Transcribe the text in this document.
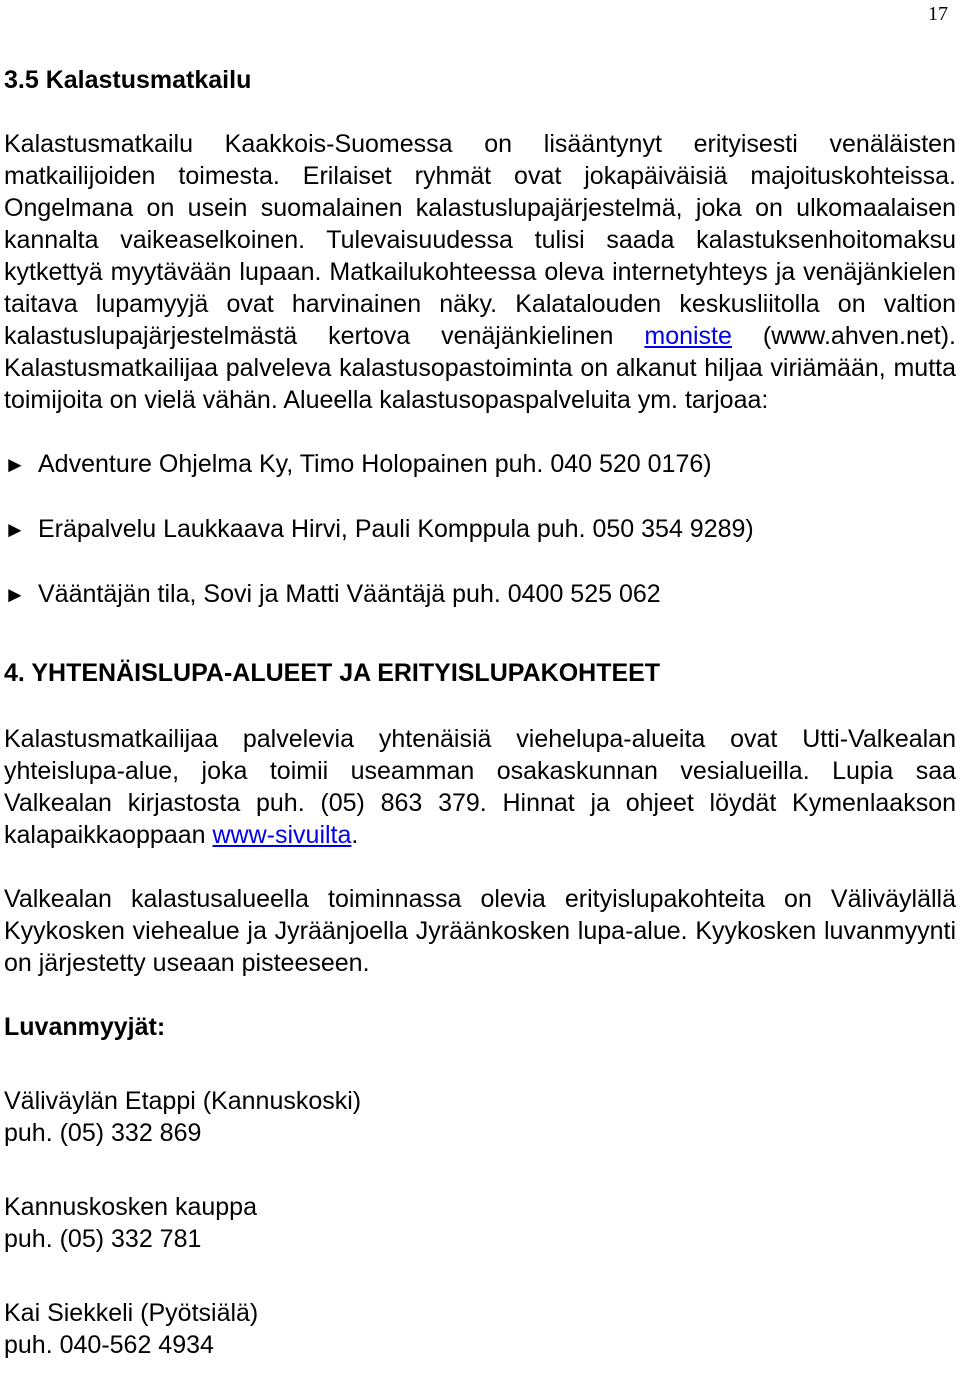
17
3.5 Kalastusmatkailu

Kalastusmatkailu Kaakkois-Suomessa on lisääntynyt erityisesti venäläisten matkailijoiden toimesta. Erilaiset ryhmät ovat jokapäiväisiä majoituskohteissa. Ongelmana on usein suomalainen kalastuslupajärjestelmä, joka on ulkomaalaisen kannalta vaikeaselkoinen. Tulevaisuudessa tulisi saada kalastuksenhoitomaksu kytkettyä myytävään lupaan. Matkailukohteessa oleva internetyhteys ja venäjänkielen taitava lupamyyjä ovat harvinainen näky. Kalatalouden keskusliitolla on valtion kalastuslupajärjestelmästä kertova venäjänkielinen moniste (www.ahven.net). Kalastusmatkailijaa palveleva kalastusopastoiminta on alkanut hiljaa viriämään, mutta toimijoita on vielä vähän. Alueella kalastusopaspalveluita ym. tarjoaa:

► Adventure Ohjelma Ky, Timo Holopainen puh. 040 520 0176)
► Eräpalvelu Laukkaava Hirvi, Pauli Komppula puh. 050 354 9289)
► Vääntäjän tila, Sovi ja Matti Vääntäjä puh. 0400 525 062
4. YHTENÄISLUPA-ALUEET JA ERITYISLUPAKOHTEET

Kalastusmatkailijaa palvelevia yhtenäisiä viehelupa-alueita ovat Utti-Valkealan yhteislupa-alue, joka toimii useamman osakaskunnan vesialueilla. Lupia saa Valkealan kirjastosta puh. (05) 863 379. Hinnat ja ohjeet löydät Kymenlaakson kalapaikkaoppaan www-sivuilta.

Valkealan kalastusalueella toiminnassa olevia erityislupakohteita on Väliväylällä Kyykosken viehealue ja Jyräänjoella Jyräänkosken lupa-alue. Kyykosken luvanmyynti on järjestetty useaan pisteeseen.

Luvanmyyjät:
Väliväylän Etappi (Kannuskoski)
puh. (05) 332 869
Kannuskosken kauppa
puh. (05) 332 781
Kai Siekkeli (Pyötsiälä)
puh. 040-562 4934
